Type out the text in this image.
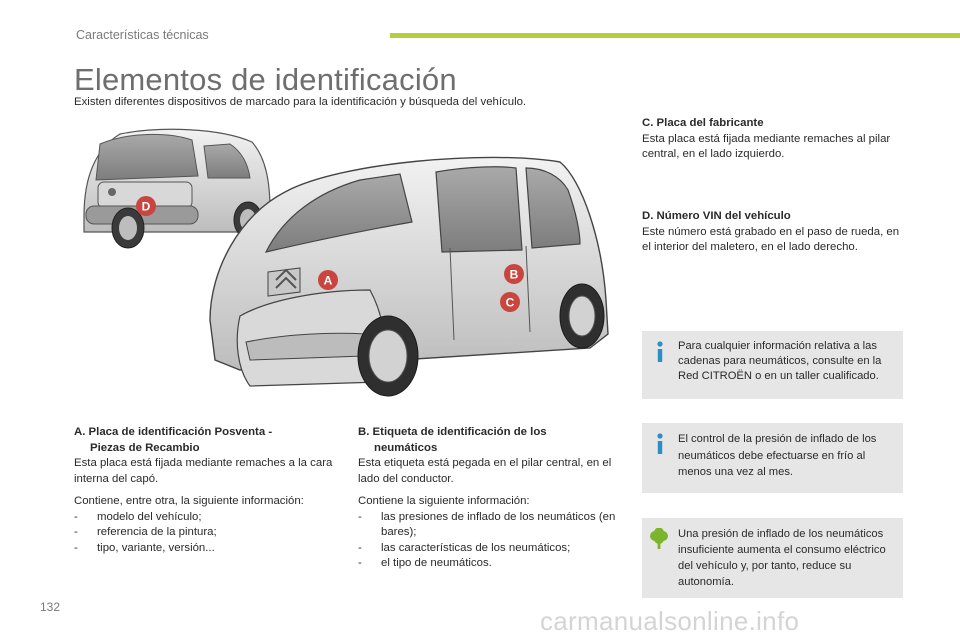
Características técnicas
Elementos de identificación
Existen diferentes dispositivos de marcado para la identificación y búsqueda del vehículo.
A	B
C
D
A. Placa de identificación Posventa -
Piezas de Recambio

Esta placa está fijada mediante remaches a la cara interna del capó.

Contiene, entre otra, la siguiente información:

- modelo del vehículo;
- referencia de la pintura;
- tipo, variante, versión...
B. Etiqueta de identificación de los
neumáticos

Esta etiqueta está pegada en el pilar central, en el lado del conductor.

Contiene la siguiente información:

- las presiones de inflado de los neumáticos (en bares);
- las características de los neumáticos;
- el tipo de neumáticos.
C. Placa del fabricante

Esta placa está fijada mediante remaches al pilar central, en el lado izquierdo.

D. Número VIN del vehículo

Este número está grabado en el paso de rueda, en el interior del maletero, en el lado derecho.

Para cualquier información relativa a las cadenas para neumáticos, consulte en la Red CITROËN o en un taller cualificado.
El control de la presión de inflado de los neumáticos debe efectuarse en frío al menos una vez al mes.
Una presión de inflado de los neumáticos insuficiente aumenta el consumo eléctrico del vehículo y, por tanto, reduce su autonomía.
132	carmanualsonline.info
